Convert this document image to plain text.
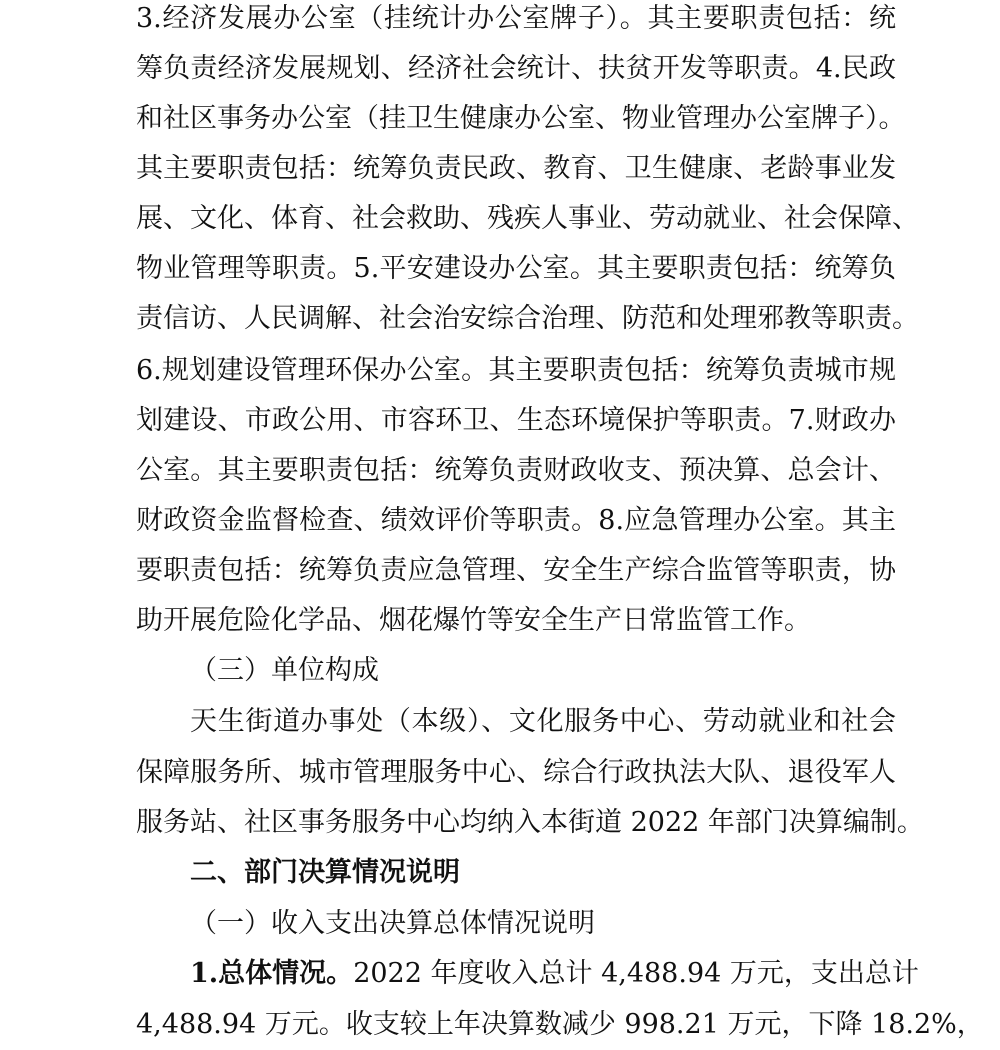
3.经济发展办公室（挂统计办公室牌子）。其主要职责包括：统
筹负责经济发展规划、经济社会统计、扶贫开发等职责。4.民政
和社区事务办公室（挂卫生健康办公室、物业管理办公室牌子）。
其主要职责包括：统筹负责民政、教育、卫生健康、老龄事业发
展、文化、体育、社会救助、残疾人事业、劳动就业、社会保障、
物业管理等职责。5.平安建设办公室。其主要职责包括：统筹负
责信访、人民调解、社会治安综合治理、防范和处理邪教等职责。
6.规划建设管理环保办公室。其主要职责包括：统筹负责城市规
划建设、市政公用、市容环卫、生态环境保护等职责。7.财政办
公室。其主要职责包括：统筹负责财政收支、预决算、总会计、
财政资金监督检查、绩效评价等职责。8.应急管理办公室。其主
要职责包括：统筹负责应急管理、安全生产综合监管等职责，协
助开展危险化学品、烟花爆竹等安全生产日常监管工作。
（三）单位构成
天生街道办事处（本级）、文化服务中心、劳动就业和社会
保障服务所、城市管理服务中心、综合行政执法大队、退役军人
服务站、社区事务服务中心均纳入本街道 2022 年部门决算编制。
二、部门决算情况说明
（一）收入支出决算总体情况说明
1.总体情况。2022 年度收入总计 4,488.94 万元，支出总计
4,488.94 万元。收支较上年决算数减少 998.21 万元，下降 18.2%，
